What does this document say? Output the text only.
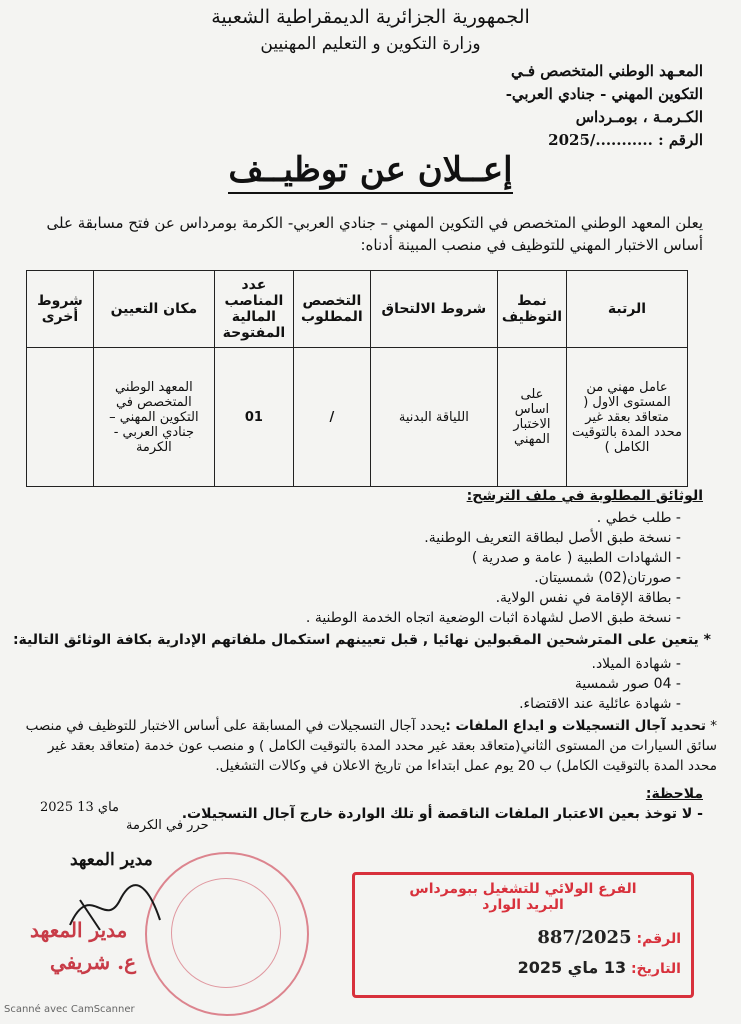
الجمهورية الجزائرية الديمقراطية الشعبية
وزارة التكوين و التعليم المهنيين
المعـهد الوطني المتخصص فـي
التكوين المهني - جنادي العربي-
الكـرمـة ، بومـرداس
الرقم : ...........2025/
إعــلان عن توظيــف
يعلن المعهد الوطني المتخصص في التكوين المهني – جنادي العربي- الكرمة بومرداس عن فتح مسابقة على أساس الاختبار المهني للتوظيف في منصب المبينة أدناه:
الرتبة	نمط التوظيف	شروط الالتحاق	التخصص المطلوب	عدد المناصب المالية المفتوحة	مكان التعيين	شروط أخرى
عامل مهني من المستوى الاول ( متعاقد بعقد غير محدد المدة بالتوقيت الكامل )	على اساس الاختبار المهني	اللياقة البدنية	/	01	المعهد الوطني المتخصص في التكوين المهني – جنادي العربي - الكرمة	
الوثائق المطلوبة في ملف الترشح:
- طلب خطي .
- نسخة طبق الأصل لبطاقة التعريف الوطنية.
- الشهادات الطبية ( عامة و صدرية )
- صورتان(02) شمسيتان.
- بطاقة الإقامة في نفس الولاية.
- نسخة طبق الاصل لشهادة اثبات الوضعية اتجاه الخدمة الوطنية .
* يتعين على المترشحين المقبولين نهائيا , قبل تعيينهم استكمال ملفاتهم الإدارية بكافة الوثائق التالية:
- شهادة الميلاد.
- 04 صور شمسية
- شهادة عائلية عند الاقتضاء.
* تحديد آجال التسجيلات و ايداع الملفات :يحدد آجال التسجيلات في المسابقة على أساس الاختبار للتوظيف في منصب
سائق السيارات من المستوى الثاني(متعاقد بعقد غير محدد المدة بالتوقيت الكامل ) و منصب عون خدمة (متعاقد بعقد غير
محدد المدة بالتوقيت الكامل) ب 20 يوم عمل ابتداءا من تاريخ الاعلان في وكالات التشغيل.
ملاحظة:
- لا توخذ بعين الاعتبار الملفات الناقصة أو تلك الواردة خارج آجال التسجيلات.
2025 ماي 13
حرر في الكرمة
مدير المعهد
مدير المعهد
ع. شريفي
الفرع الولائي للتشغيل ببومرداس
البريد الوارد
الرقم: 887/2025
التاريخ: 13 ماي 2025
Scanné avec CamScanner
